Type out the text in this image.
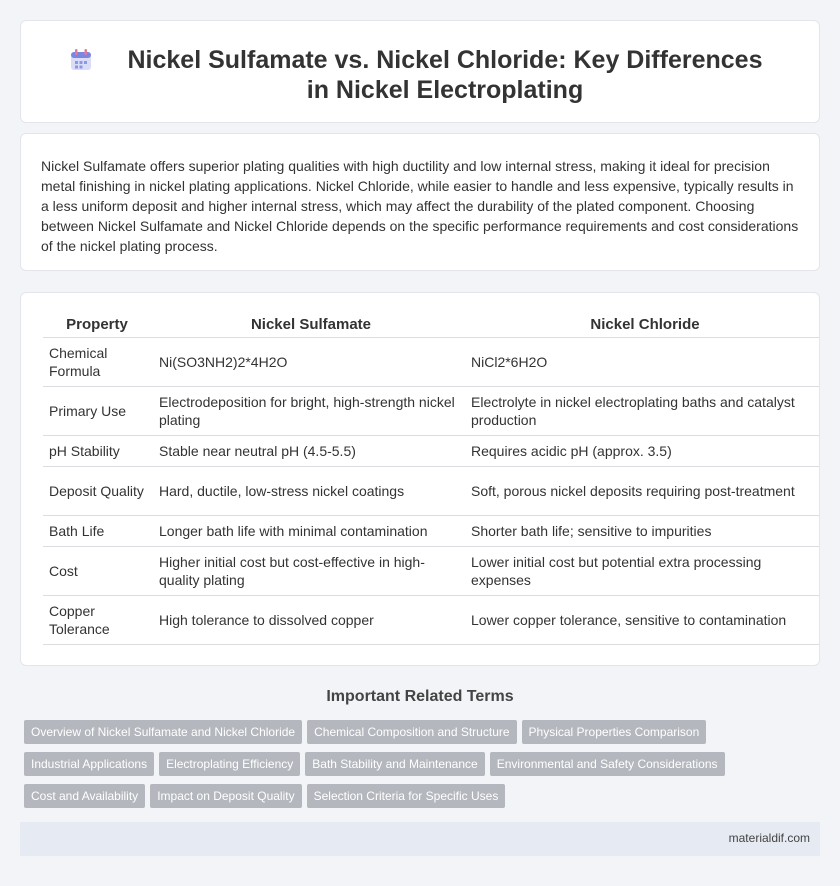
Nickel Sulfamate vs. Nickel Chloride: Key Differences in Nickel Electroplating

Nickel Sulfamate offers superior plating qualities with high ductility and low internal stress, making it ideal for precision metal finishing in nickel plating applications. Nickel Chloride, while easier to handle and less expensive, typically results in a less uniform deposit and higher internal stress, which may affect the durability of the plated component. Choosing between Nickel Sulfamate and Nickel Chloride depends on the specific performance requirements and cost considerations of the nickel plating process.

Property	Nickel Sulfamate	Nickel Chloride
Chemical Formula	Ni(SO3NH2)2*4H2O	NiCl2*6H2O
Primary Use	Electrodeposition for bright, high-strength nickel plating	Electrolyte in nickel electroplating baths and catalyst production
pH Stability	Stable near neutral pH (4.5-5.5)	Requires acidic pH (approx. 3.5)
Deposit Quality	Hard, ductile, low-stress nickel coatings	Soft, porous nickel deposits requiring post-treatment
Bath Life	Longer bath life with minimal contamination	Shorter bath life; sensitive to impurities
Cost	Higher initial cost but cost-effective in high-quality plating	Lower initial cost but potential extra processing expenses
Copper Tolerance	High tolerance to dissolved copper	Lower copper tolerance, sensitive to contamination
Important Related Terms
Overview of Nickel Sulfamate and Nickel Chloride Chemical Composition and Structure Physical Properties Comparison
Industrial Applications Electroplating Efficiency Bath Stability and Maintenance Environmental and Safety Considerations
Cost and Availability Impact on Deposit Quality Selection Criteria for Specific Uses
materialdif.com
